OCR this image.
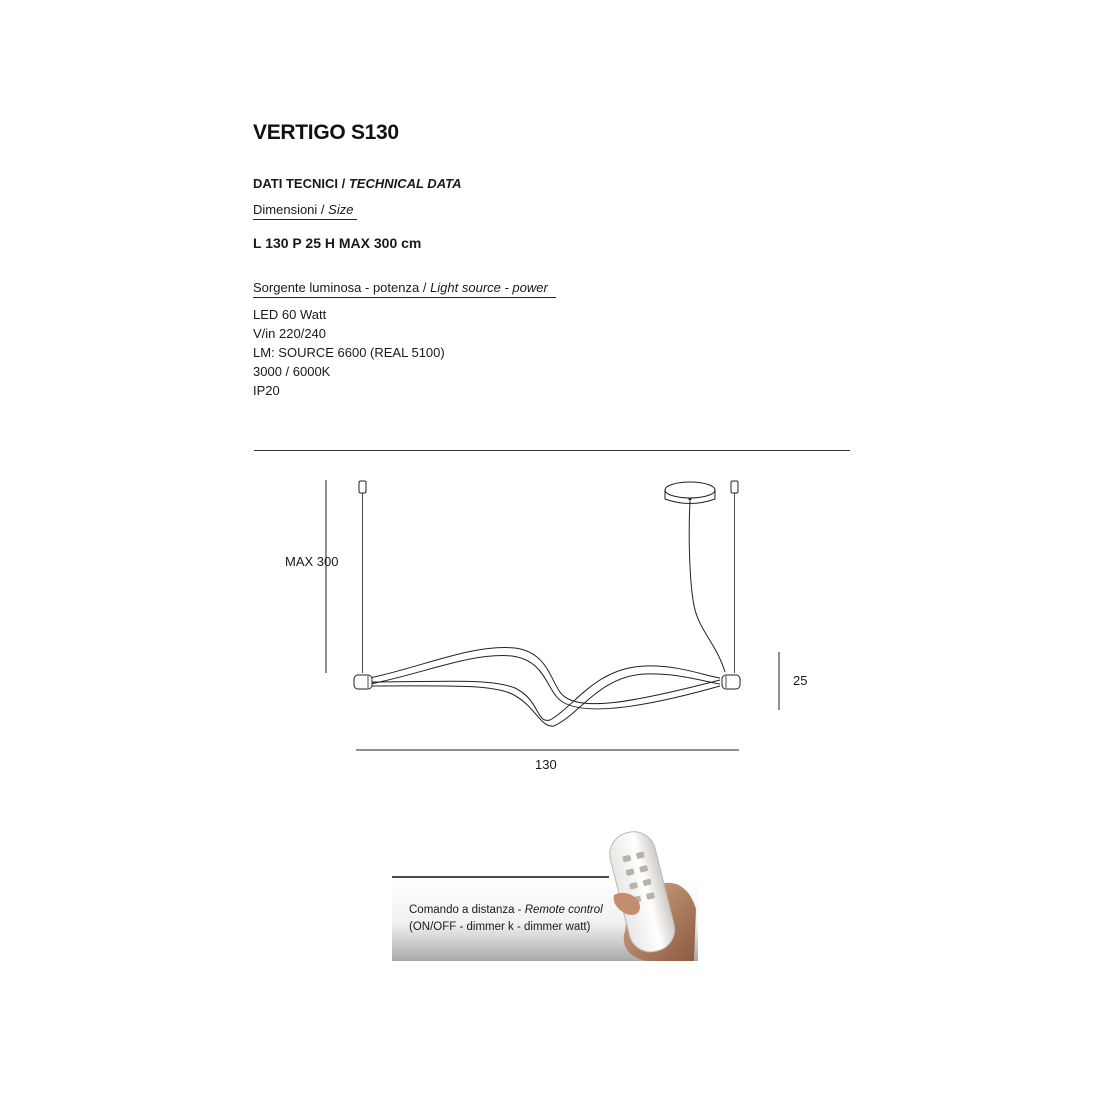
VERTIGO S130
DATI TECNICI / TECHNICAL DATA
Dimensioni / Size
L 130 P 25 H MAX 300 cm
Sorgente luminosa - potenza / Light source - power
LED 60 Watt
V/in 220/240
LM: SOURCE 6600 (REAL 5100)
3000 / 6000K
IP20
MAX 300
25
130
Comando a distanza - Remote control
(ON/OFF - dimmer k - dimmer watt)
